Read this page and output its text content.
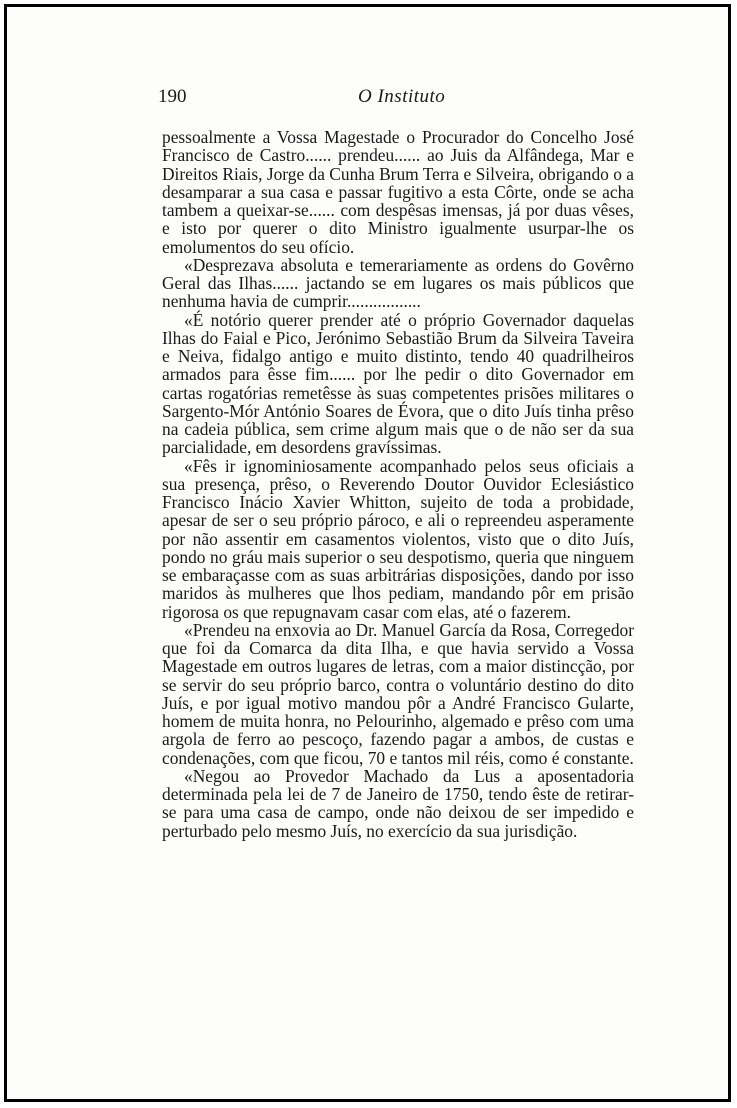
190	O Instituto

pessoalmente a Vossa Magestade o Procurador do Concelho José Francisco de Castro...... prendeu...... ao Juis da Alfândega, Mar e Direitos Riais, Jorge da Cunha Brum Terra e Silveira, obrigando o a desamparar a sua casa e passar fugitivo a esta Côrte, onde se acha tambem a queixar-se...... com despêsas imensas, já por duas vêses, e isto por querer o dito Ministro igualmente usurpar-lhe os emolumentos do seu ofício.

«Desprezava absoluta e temerariamente as ordens do Govêrno Geral das Ilhas...... jactando se em lugares os mais públicos que nenhuma havia de cumprir.................

«É notório querer prender até o próprio Governador daquelas Ilhas do Faial e Pico, Jerónimo Sebastião Brum da Silveira Taveira e Neiva, fidalgo antigo e muito distinto, tendo 40 quadrilheiros armados para êsse fim...... por lhe pedir o dito Governador em cartas rogatórias remetêsse às suas competentes prisões militares o Sargento-Mór António Soares de Évora, que o dito Juís tinha prêso na cadeia pública, sem crime algum mais que o de não ser da sua parcialidade, em desordens gravíssimas.

«Fês ir ignominiosamente acompanhado pelos seus oficiais a sua presença, prêso, o Reverendo Doutor Ouvidor Eclesiástico Francisco Inácio Xavier Whitton, sujeito de toda a probidade, apesar de ser o seu próprio pároco, e ali o repreendeu asperamente por não assentir em casamentos violentos, visto que o dito Juís, pondo no gráu mais superior o seu despotismo, queria que ninguem se embaraçasse com as suas arbitrárias disposições, dando por isso maridos às mulheres que lhos pediam, mandando pôr em prisão rigorosa os que repugnavam casar com elas, até o fazerem.

«Prendeu na enxovia ao Dr. Manuel García da Rosa, Corregedor que foi da Comarca da dita Ilha, e que havia servido a Vossa Magestade em outros lugares de letras, com a maior distincção, por se servir do seu próprio barco, contra o voluntário destino do dito Juís, e por igual motivo mandou pôr a André Francisco Gularte, homem de muita honra, no Pelourinho, algemado e prêso com uma argola de ferro ao pescoço, fazendo pagar a ambos, de custas e condenações, com que ficou, 70 e tantos mil réis, como é constante.

«Negou ao Provedor Machado da Lus a aposentadoria determinada pela lei de 7 de Janeiro de 1750, tendo êste de retirar-se para uma casa de campo, onde não deixou de ser impedido e perturbado pelo mesmo Juís, no exercício da sua jurisdição.
